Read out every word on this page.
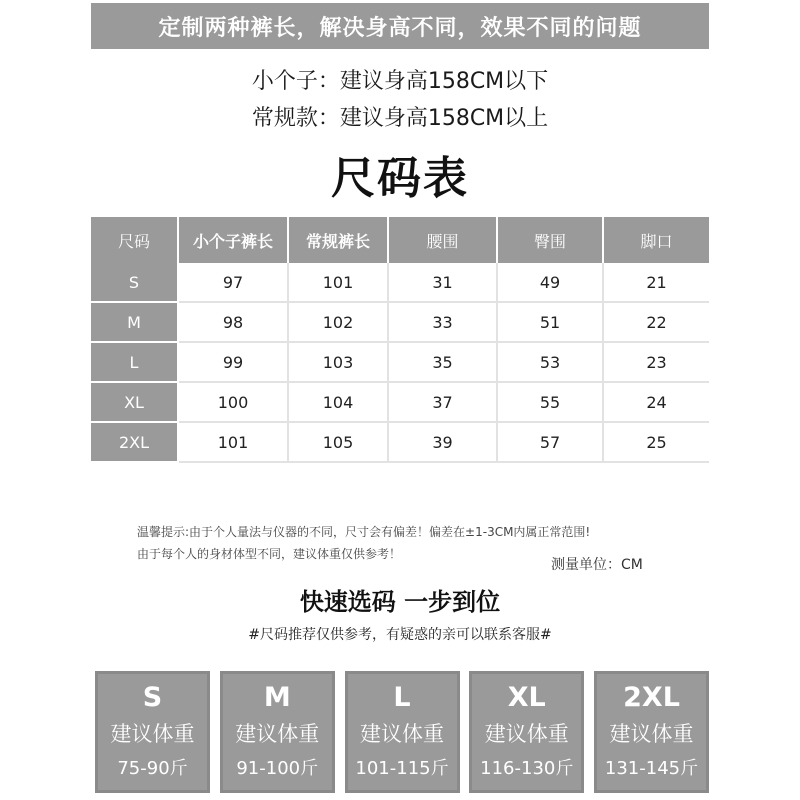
定制两种裤长，解决身高不同，效果不同的问题
小个子：建议身高158CM以下
常规款：建议身高158CM以上
尺码表
尺码	小个子裤长	常规裤长	腰围	臀围	脚口
S	97	101	31	49	21
M	98	102	33	51	22
L	99	103	35	53	23
XL	100	104	37	55	24
2XL	101	105	39	57	25
温馨提示:由于个人量法与仪器的不同，尺寸会有偏差！偏差在±1-3CM内属正常范围!
由于每个人的身材体型不同，建议体重仅供参考！
测量单位：CM
快速选码 一步到位
#尺码推荐仅供参考，有疑惑的亲可以联系客服#
S
建议体重
75-90斤
M
建议体重
91-100斤
L
建议体重
101-115斤
XL
建议体重
116-130斤
2XL
建议体重
131-145斤
